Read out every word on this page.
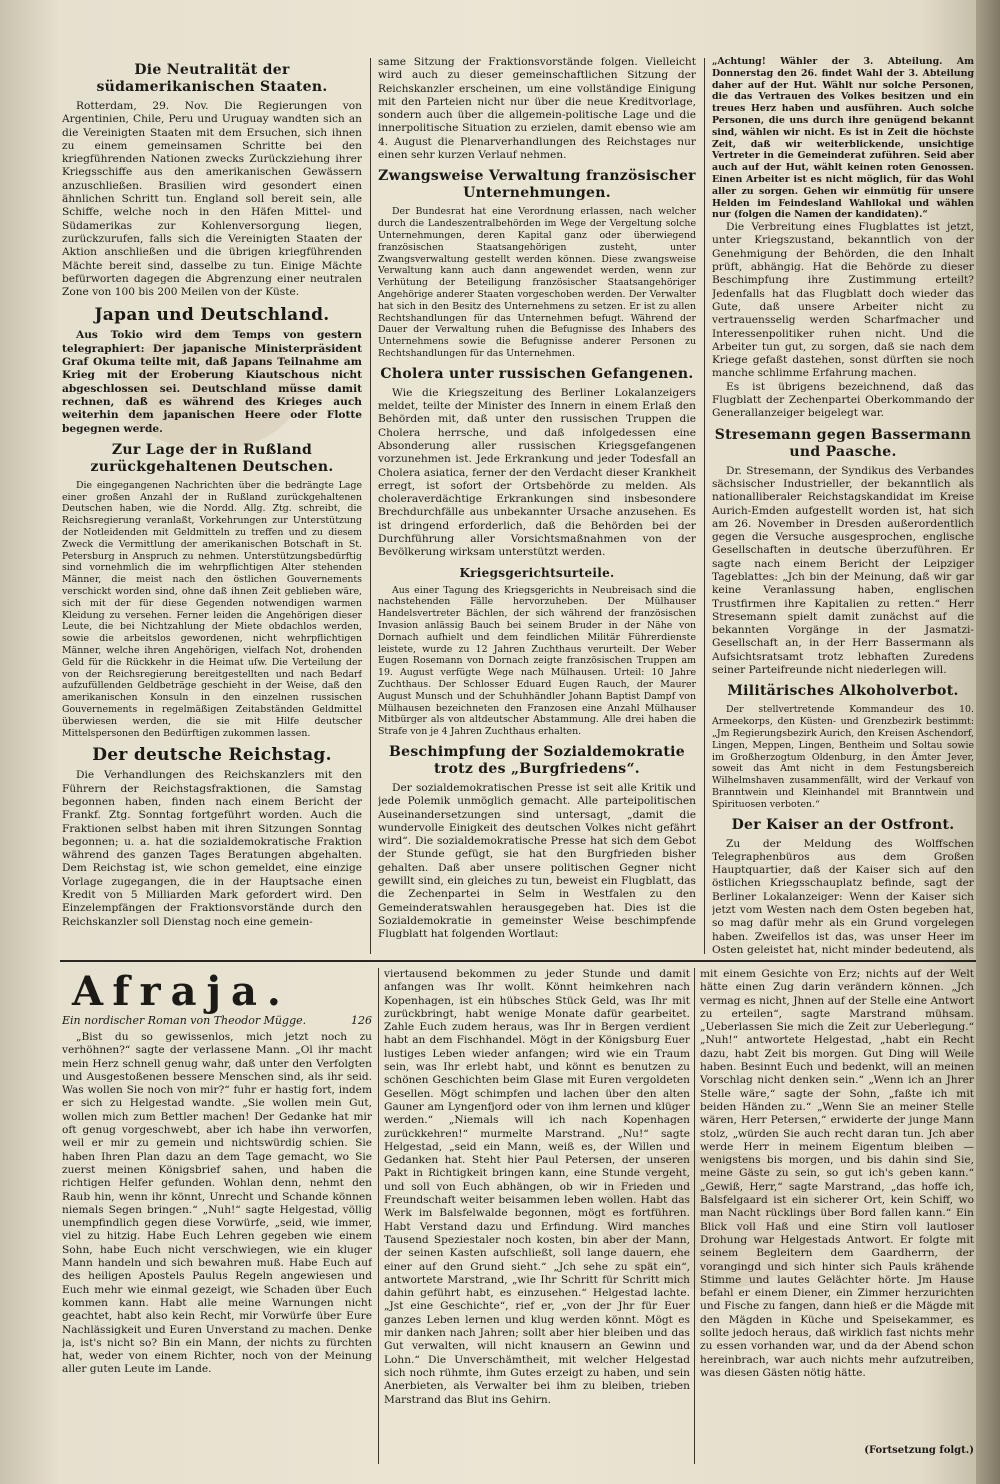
Die Neutralität der südamerikanischen Staaten.

Rotterdam, 29. Nov. Die Regierungen von Argentinien, Chile, Peru und Uruguay wandten sich an die Vereinigten Staaten mit dem Ersuchen, sich ihnen zu einem gemeinsamen Schritte bei den kriegführenden Nationen zwecks Zurückziehung ihrer Kriegsschiffe aus den amerikanischen Gewässern anzuschließen. Brasilien wird gesondert einen ähnlichen Schritt tun. England soll bereit sein, alle Schiffe, welche noch in den Häfen Mittel- und Südamerikas zur Kohlenversorgung liegen, zurückzurufen, falls sich die Vereinigten Staaten der Aktion anschließen und die übrigen kriegführenden Mächte bereit sind, dasselbe zu tun. Einige Mächte befürworten dagegen die Abgrenzung einer neutralen Zone von 100 bis 200 Meilen von der Küste.

Japan und Deutschland.

Aus Tokio wird dem Temps von gestern telegraphiert: Der japanische Ministerpräsident Graf Okuma teilte mit, daß Japans Teilnahme am Krieg mit der Eroberung Kiautschous nicht abgeschlossen sei. Deutschland müsse damit rechnen, daß es während des Krieges auch weiterhin dem japanischen Heere oder Flotte begegnen werde.

Zur Lage der in Rußland zurückgehaltenen Deutschen.

Die eingegangenen Nachrichten über die bedrängte Lage einer großen Anzahl der in Rußland zurückgehaltenen Deutschen haben, wie die Nordd. Allg. Ztg. schreibt, die Reichsregierung veranlaßt, Vorkehrungen zur Unterstützung der Notleidenden mit Geldmitteln zu treffen und zu diesem Zweck die Vermittlung der amerikanischen Botschaft in St. Petersburg in Anspruch zu nehmen. Unterstützungsbedürftig sind vornehmlich die im wehrpflichtigen Alter stehenden Männer, die meist nach den östlichen Gouvernements verschickt worden sind, ohne daß ihnen Zeit geblieben wäre, sich mit der für diese Gegenden notwendigen warmen Kleidung zu versehen. Ferner leiden die Angehörigen dieser Leute, die bei Nichtzahlung der Miete obdachlos werden, sowie die arbeitslos gewordenen, nicht wehrpflichtigen Männer, welche ihren Angehörigen, vielfach Not, drohenden Geld für die Rückkehr in die Heimat uſw. Die Verteilung der von der Reichsregierung bereitgestellten und nach Bedarf aufzufüllenden Geldbeträge geschieht in der Weise, daß den amerikanischen Konsuln in den einzelnen russischen Gouvernements in regelmäßigen Zeitabständen Geldmittel überwiesen werden, die sie mit Hilfe deutscher Mittelspersonen den Bedürftigen zukommen lassen.

Der deutsche Reichstag.

Die Verhandlungen des Reichskanzlers mit den Führern der Reichstagsfraktionen, die Samstag begonnen haben, finden nach einem Bericht der Frankf. Ztg. Sonntag fortgeführt worden. Auch die Fraktionen selbst haben mit ihren Sitzungen Sonntag begonnen; u. a. hat die sozialdemokratische Fraktion während des ganzen Tages Beratungen abgehalten. Dem Reichstag ist, wie schon gemeldet, eine einzige Vorlage zugegangen, die in der Hauptsache einen Kredit von 5 Milliarden Mark gefordert wird. Den Einzelempfängen der Fraktionsvorstände durch den Reichskanzler soll Dienstag noch eine gemein-

same Sitzung der Fraktionsvorstände folgen. Vielleicht wird auch zu dieser gemeinschaftlichen Sitzung der Reichskanzler erscheinen, um eine vollständige Einigung mit den Parteien nicht nur über die neue Kreditvorlage, sondern auch über die allgemein-politische Lage und die innerpolitische Situation zu erzielen, damit ebenso wie am 4. August die Plenarverhandlungen des Reichstages nur einen sehr kurzen Verlauf nehmen.

Zwangsweise Verwaltung französischer Unternehmungen.

Der Bundesrat hat eine Verordnung erlassen, nach welcher durch die Landeszentralbehörden im Wege der Vergeltung solche Unternehmungen, deren Kapital ganz oder überwiegend französischen Staatsangehörigen zusteht, unter Zwangsverwaltung gestellt werden können. Diese zwangsweise Verwaltung kann auch dann angewendet werden, wenn zur Verhütung der Beteiligung französischer Staatsangehöriger Angehörige anderer Staaten vorgeschoben werden. Der Verwalter hat sich in den Besitz des Unternehmens zu setzen. Er ist zu allen Rechtshandlungen für das Unternehmen befugt. Während der Dauer der Verwaltung ruhen die Befugnisse des Inhabers des Unternehmens sowie die Befugnisse anderer Personen zu Rechtshandlungen für das Unternehmen.

Cholera unter russischen Gefangenen.

Wie die Kriegszeitung des Berliner Lokalanzeigers meldet, teilte der Minister des Innern in einem Erlaß den Behörden mit, daß unter den russischen Truppen die Cholera herrsche, und daß infolgedessen eine Absonderung aller russischen Kriegsgefangenen vorzunehmen ist. Jede Erkrankung und jeder Todesfall an Cholera asiatica, ferner der den Verdacht dieser Krankheit erregt, ist sofort der Ortsbehörde zu melden. Als choleraverdächtige Erkrankungen sind insbesondere Brechdurchfälle aus unbekannter Ursache anzusehen. Es ist dringend erforderlich, daß die Behörden bei der Durchführung aller Vorsichtsmaßnahmen von der Bevölkerung wirksam unterstützt werden.

Kriegsgerichtsurteile.

Aus einer Tagung des Kriegsgerichts in Neubreisach sind die nachstehenden Fälle hervorzuheben. Der Mülhauser Handelsvertreter Bächlen, der sich während der französischen Invasion anlässig Bauch bei seinem Bruder in der Nähe von Dornach aufhielt und dem feindlichen Militär Führerdienste leistete, wurde zu 12 Jahren Zuchthaus verurteilt. Der Weber Eugen Rosemann von Dornach zeigte französischen Truppen am 19. August verfügte Wege nach Mülhausen. Urteil: 10 Jahre Zuchthaus. Der Schlosser Eduard Eugen Rauch, der Maurer August Munsch und der Schuhhändler Johann Baptist Dampf von Mülhausen bezeichneten den Franzosen eine Anzahl Mülhauser Mitbürger als von altdeutscher Abstammung. Alle drei haben die Strafe von je 4 Jahren Zuchthaus erhalten.

Beschimpfung der Sozialdemokratie trotz des „Burgfriedens“.

Der sozialdemokratischen Presse ist seit alle Kritik und jede Polemik unmöglich gemacht. Alle parteipolitischen Auseinandersetzungen sind untersagt, „damit die wundervolle Einigkeit des deutschen Volkes nicht gefährt wird“. Die sozialdemokratische Presse hat sich dem Gebot der Stunde gefügt, sie hat den Burgfrieden bisher gehalten. Daß aber unsere politischen Gegner nicht gewillt sind, ein gleiches zu tun, beweist ein Flugblatt, das die Zechenpartei in Selm in Westfalen zu den Gemeinderatswahlen herausgegeben hat. Dies ist die Sozialdemokratie in gemeinster Weise beschimpfende Flugblatt hat folgenden Wortlaut:

„Achtung! Wähler der 3. Abteilung. Am Donnerstag den 26. findet Wahl der 3. Abteilung daher auf der Hut. Wählt nur solche Personen, die das Vertrauen des Volkes besitzen und ein treues Herz haben und ausführen. Auch solche Personen, die uns durch ihre genügend bekannt sind, wählen wir nicht. Es ist in Zeit die höchste Zeit, daß wir weiterblickende, unsichtige Vertreter in die Gemeinderat zuführen. Seid aber auch auf der Hut, wählt keinen roten Genossen. Einen Arbeiter ist es nicht möglich, für das Wohl aller zu sorgen. Gehen wir einmütig für unsere Helden im Feindesland Wahllokal und wählen nur (folgen die Namen der kandidaten).“

Die Verbreitung eines Flugblattes ist jetzt, unter Kriegszustand, bekanntlich von der Genehmigung der Behörden, die den Inhalt prüft, abhängig. Hat die Behörde zu dieser Beschimpfung ihre Zustimmung erteilt? Jedenfalls hat das Flugblatt doch wieder das Gute, daß unsere Arbeiter nicht zu vertrauensselig werden Scharfmacher und Interessenpolitiker ruhen nicht. Und die Arbeiter tun gut, zu sorgen, daß sie nach dem Kriege gefaßt dastehen, sonst dürften sie noch manche schlimme Erfahrung machen.

Es ist übrigens bezeichnend, daß das Flugblatt der Zechenpartei Oberkommando der Generallanzeiger beigelegt war.

Stresemann gegen Bassermann und Paasche.

Dr. Stresemann, der Syndikus des Verbandes sächsischer Industrieller, der bekanntlich als nationalliberaler Reichstagskandidat im Kreise Aurich-Emden aufgestellt worden ist, hat sich am 26. November in Dresden außerordentlich gegen die Versuche ausgesprochen, englische Gesellschaften in deutsche überzuführen. Er sagte nach einem Bericht der Leipziger Tageblattes: „Jch bin der Meinung, daß wir gar keine Veranlassung haben, englischen Trustfirmen ihre Kapitalien zu retten.“ Herr Stresemann spielt damit zunächst auf die bekannten Vorgänge in der Jasmatzi-Gesellschaft an, in der Herr Bassermann als Aufsichtsratsamt trotz lebhaften Zuredens seiner Parteifreunde nicht niederlegen will.

Militärisches Alkoholverbot.

Der stellvertretende Kommandeur des 10. Armeekorps, den Küsten- und Grenzbezirk bestimmt: „Jm Regierungsbezirk Aurich, den Kreisen Aschendorf, Lingen, Meppen, Lingen, Bentheim und Soltau sowie im Großherzogtum Oldenburg, in den Ämter Jever, soweit das Amt nicht in dem Festungsbereich Wilhelmshaven zusammenfällt, wird der Verkauf von Branntwein und Kleinhandel mit Branntwein und Spirituosen verboten.“

Der Kaiser an der Ostfront.

Zu der Meldung des Wolffschen Telegraphenbüros aus dem Großen Hauptquartier, daß der Kaiser sich auf den östlichen Kriegsschauplatz befinde, sagt der Berliner Lokalanzeiger: Wenn der Kaiser sich jetzt vom Westen nach dem Osten begeben hat, so mag dafür mehr als ein Grund vorgelegen haben. Zweifellos ist das, was unser Heer im Osten geleistet hat, nicht minder bedeutend, als

Afraja.
Ein nordischer Roman von Theodor Mügge.	126

„Bist du so gewissenlos, mich jetzt noch zu verhöhnen?“ sagte der verlassene Mann. „Ol ihr macht mein Herz schnell genug wahr, daß unter den Verfolgten und Ausgestoßenen bessere Menschen sind, als ihr seid. Was wollen Sie noch von mir?“ fuhr er hastig fort, indem er sich zu Helgestad wandte. „Sie wollen mein Gut, wollen mich zum Bettler machen! Der Gedanke hat mir oft genug vorgeschwebt, aber ich habe ihn verworfen, weil er mir zu gemein und nichtswürdig schien. Sie haben Ihren Plan dazu an dem Tage gemacht, wo Sie zuerst meinen Königsbrief sahen, und haben die richtigen Helfer gefunden. Wohlan denn, nehmt den Raub hin, wenn ihr könnt, Unrecht und Schande können niemals Segen bringen.“ „Nuh!“ sagte Helgestad, völlig unempfindlich gegen diese Vorwürfe, „seid, wie immer, viel zu hitzig. Habe Euch Lehren gegeben wie einem Sohn, habe Euch nicht verschwiegen, wie ein kluger Mann handeln und sich bewahren muß. Habe Euch auf des heiligen Apostels Paulus Regeln angewiesen und Euch mehr wie einmal gezeigt, wie Schaden über Euch kommen kann. Habt alle meine Warnungen nicht geachtet, habt also kein Recht, mir Vorwürfe über Eure Nachlässigkeit und Euren Unverstand zu machen. Denke ja, ist's nicht so? Bin ein Mann, der nichts zu fürchten hat, weder von einem Richter, noch von der Meinung aller guten Leute im Lande.

viertausend bekommen zu jeder Stunde und damit anfangen was Ihr wollt. Könnt heimkehren nach Kopenhagen, ist ein hübsches Stück Geld, was Ihr mit zurückbringt, habt wenige Monate dafür gearbeitet. Zahle Euch zudem heraus, was Ihr in Bergen verdient habt an dem Fischhandel. Mögt in der Königsburg Euer lustiges Leben wieder anfangen; wird wie ein Traum sein, was Ihr erlebt habt, und könnt es benutzen zu schönen Geschichten beim Glase mit Euren vergoldeten Gesellen. Mögt schimpfen und lachen über den alten Gauner am Lyngenfjord oder von ihm lernen und klüger werden.“ „Niemals will ich nach Kopenhagen zurückkehren!“ murmelte Marstrand. „Nu!“ sagte Helgestad, „seid ein Mann, weiß es, der Willen und Gedanken hat. Steht hier Paul Petersen, der unseren Pakt in Richtigkeit bringen kann, eine Stunde vergeht, und soll von Euch abhängen, ob wir in Frieden und Freundschaft weiter beisammen leben wollen. Habt das Werk im Balsfelwalde begonnen, mögt es fortführen. Habt Verstand dazu und Erfindung. Wird manches Tausend Speziestaler noch kosten, bin aber der Mann, der seinen Kasten aufschließt, soll lange dauern, ehe einer auf den Grund sieht.“ „Jch sehe zu spät ein“, antwortete Marstrand, „wie Ihr Schritt für Schritt mich dahin geführt habt, es einzusehen.“ Helgestad lachte. „Jst eine Geschichte“, rief er, „von der Jhr für Euer ganzes Leben lernen und klug werden könnt. Mögt es mir danken nach Jahren; sollt aber hier bleiben und das Gut verwalten, will nicht knausern an Gewinn und Lohn.“ Die Unverschämtheit, mit welcher Helgestad sich noch rühmte, ihm Gutes erzeigt zu haben, und sein Anerbieten, als Verwalter bei ihm zu bleiben, trieben Marstrand das Blut ins Gehirn.

mit einem Gesichte von Erz; nichts auf der Welt hätte einen Zug darin verändern können. „Jch vermag es nicht, Jhnen auf der Stelle eine Antwort zu erteilen“, sagte Marstrand mühsam. „Ueberlassen Sie mich die Zeit zur Ueberlegung.“ „Nuh!“ antwortete Helgestad, „habt ein Recht dazu, habt Zeit bis morgen. Gut Ding will Weile haben. Besinnt Euch und bedenkt, will an meinen Vorschlag nicht denken sein.“ „Wenn ich an Jhrer Stelle wäre,“ sagte der Sohn, „faßte ich mit beiden Händen zu.“ „Wenn Sie an meiner Stelle wären, Herr Petersen,“ erwiderte der junge Mann stolz, „würden Sie auch recht daran tun. Jch aber werde Herr in meinem Eigentum bleiben — wenigstens bis morgen, und bis dahin sind Sie, meine Gäste zu sein, so gut ich's geben kann.“ „Gewiß, Herr,“ sagte Marstrand, „das hoffe ich, Balsfelgaard ist ein sicherer Ort, kein Schiff, wo man Nacht rücklings über Bord fallen kann.“ Ein Blick voll Haß und eine Stirn voll lautloser Drohung war Helgestads Antwort. Er folgte mit seinem Begleitern dem Gaardherrn, der vorangingd und sich hinter sich Pauls krähende Stimme und lautes Gelächter hörte. Jm Hause befahl er einem Diener, ein Zimmer herzurichten und Fische zu fangen, dann hieß er die Mägde mit den Mägden in Küche und Speisekammer, es sollte jedoch heraus, daß wirklich fast nichts mehr zu essen vorhanden war, und da der Abend schon hereinbrach, war auch nichts mehr aufzutreiben, was diesen Gästen nötig hätte.

(Fortsetzung folgt.)
